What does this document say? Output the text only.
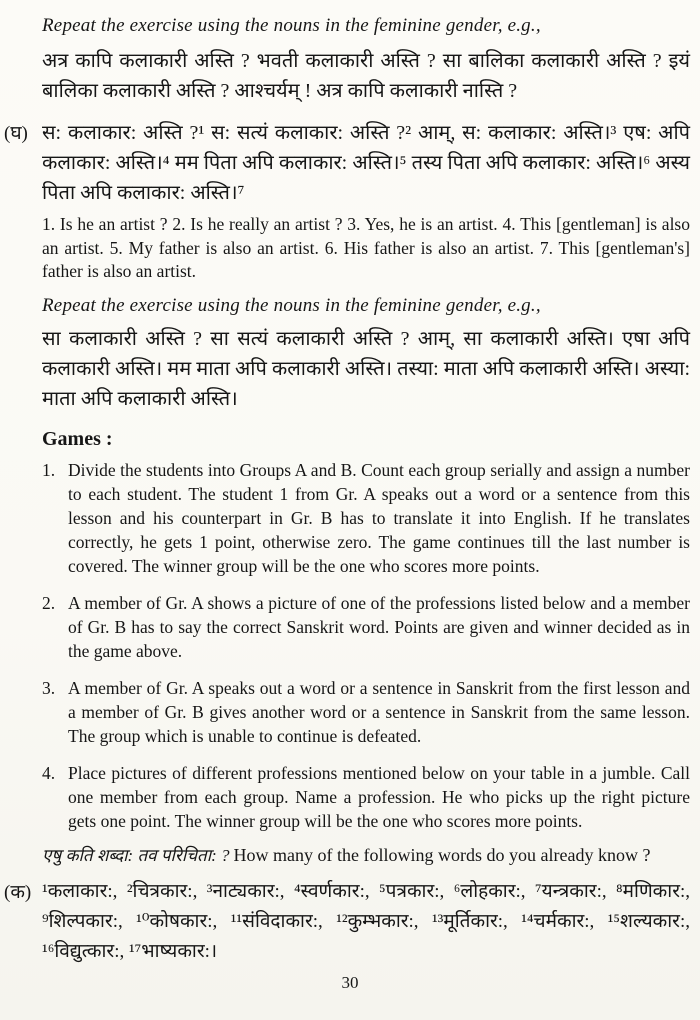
Repeat the exercise using the nouns in the feminine gender, e.g.,

अत्र कापि कलाकारी अस्ति ? भवती कलाकारी अस्ति ? सा बालिका कलाकारी अस्ति ? इयं बालिका कलाकारी अस्ति ? आश्चर्यम् ! अत्र कापि कलाकारी नास्ति ?

(घ) स: कलाकार: अस्ति ?¹ स: सत्यं कलाकार: अस्ति ?² आम्, स: कलाकार: अस्ति।³ एष: अपि कलाकार: अस्ति।⁴ मम पिता अपि कलाकार: अस्ति।⁵ तस्य पिता अपि कलाकार: अस्ति।⁶ अस्य पिता अपि कलाकार: अस्ति।⁷

1. Is he an artist ? 2. Is he really an artist ? 3. Yes, he is an artist. 4. This [gentleman] is also an artist. 5. My father is also an artist. 6. His father is also an artist. 7. This [gentleman's] father is also an artist.

Repeat the exercise using the nouns in the feminine gender, e.g.,

सा कलाकारी अस्ति ? सा सत्यं कलाकारी अस्ति ? आम्, सा कलाकारी अस्ति। एषा अपि कलाकारी अस्ति। मम माता अपि कलाकारी अस्ति। तस्या: माता अपि कलाकारी अस्ति। अस्या: माता अपि कलाकारी अस्ति।

Games :
1. Divide the students into Groups A and B. Count each group serially and assign a number to each student. The student 1 from Gr. A speaks out a word or a sentence from this lesson and his counterpart in Gr. B has to translate it into English. If he translates correctly, he gets 1 point, otherwise zero. The game continues till the last number is covered. The winner group will be the one who scores more points.
2. A member of Gr. A shows a picture of one of the professions listed below and a member of Gr. B has to say the correct Sanskrit word. Points are given and winner decided as in the game above.
3. A member of Gr. A speaks out a word or a sentence in Sanskrit from the first lesson and a member of Gr. B gives another word or a sentence in Sanskrit from the same lesson. The group which is unable to continue is defeated.
4. Place pictures of different professions mentioned below on your table in a jumble. Call one member from each group. Name a profession. He who picks up the right picture gets one point. The winner group will be the one who scores more points.

एषु कति शब्दा: तव परिचिता: ? How many of the following words do you already know ?

(क) ¹कलाकार:, ²चित्रकार:, ³नाट्यकार:, ⁴स्वर्णकार:, ⁵पत्रकार:, ⁶लोहकार:, ⁷यन्त्रकार:, ⁸मणिकार:, ⁹शिल्पकार:, ¹⁰कोषकार:, ¹¹संविदाकार:, ¹²कुम्भकार:, ¹³मूर्तिकार:, ¹⁴चर्मकार:, ¹⁵शल्यकार:, ¹⁶विद्युत्कार:, ¹⁷भाष्यकार:।

30
